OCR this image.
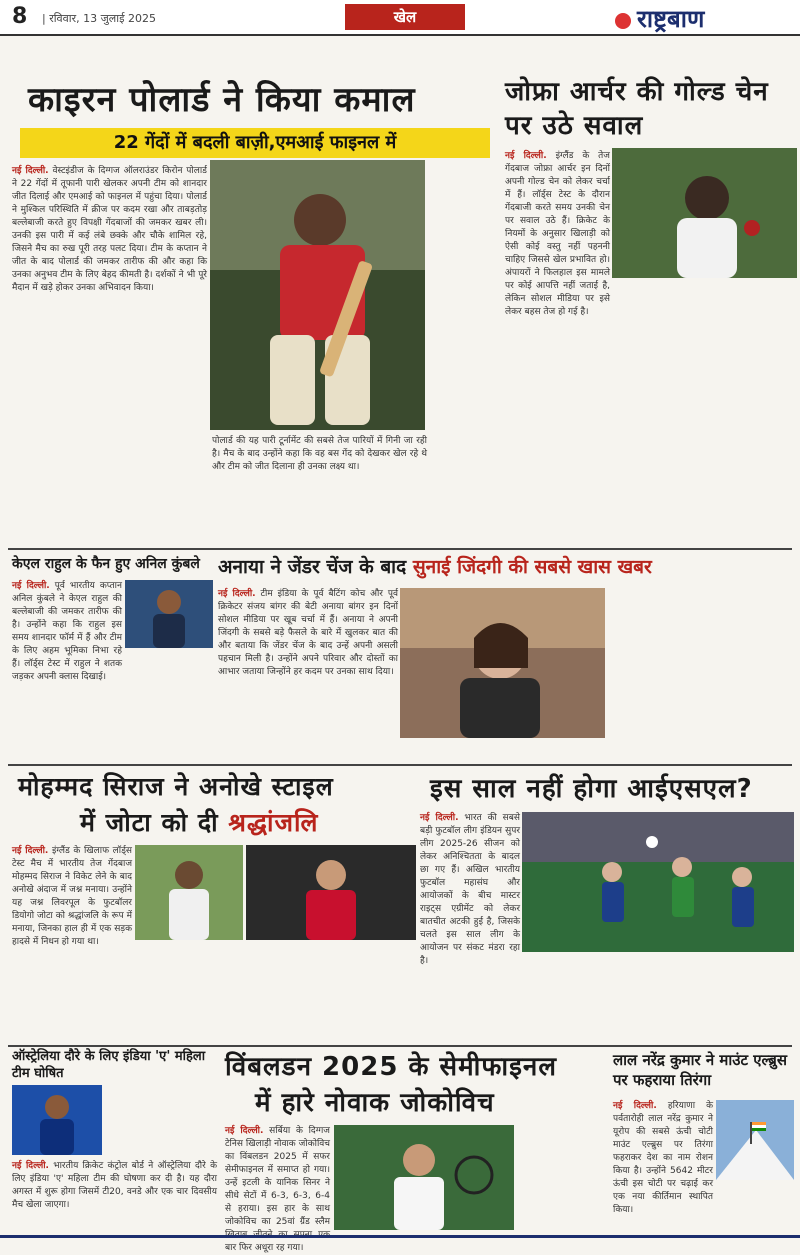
8 | रविवार, 13 जुलाई 2025	खेल	राष्ट्रबाण
काइरन पोलार्ड ने किया कमाल
22 गेंदों में बदली बाज़ी,एमआई फाइनल में
नई दिल्ली. वेस्टइंडीज के दिग्गज ऑलराउंडर किरोन पोलार्ड ने 22 गेंदों में तूफानी पारी खेलकर अपनी टीम को शानदार जीत दिलाई और एमआई को फाइनल में पहुंचा दिया। पोलार्ड ने मुश्किल परिस्थिति में क्रीज पर कदम रखा और ताबड़तोड़ बल्लेबाजी करते हुए विपक्षी गेंदबाजों की जमकर खबर ली। उनकी इस पारी में कई लंबे छक्के और चौके शामिल रहे, जिसने मैच का रुख पूरी तरह पलट दिया। टीम के कप्तान ने जीत के बाद पोलार्ड की जमकर तारीफ की और कहा कि उनका अनुभव टीम के लिए बेहद कीमती है। दर्शकों ने भी पूरे मैदान में खड़े होकर उनका अभिवादन किया।
पोलार्ड की यह पारी टूर्नामेंट की सबसे तेज पारियों में गिनी जा रही है। मैच के बाद उन्होंने कहा कि वह बस गेंद को देखकर खेल रहे थे और टीम को जीत दिलाना ही उनका लक्ष्य था।
जोफ्रा आर्चर की गोल्ड चेन पर उठे सवाल
नई दिल्ली. इंग्लैंड के तेज गेंदबाज जोफ्रा आर्चर इन दिनों अपनी गोल्ड चेन को लेकर चर्चा में हैं। लॉर्ड्स टेस्ट के दौरान गेंदबाजी करते समय उनकी चेन पर सवाल उठे हैं। क्रिकेट के नियमों के अनुसार खिलाड़ी को ऐसी कोई वस्तु नहीं पहननी चाहिए जिससे खेल प्रभावित हो। अंपायरों ने फिलहाल इस मामले पर कोई आपत्ति नहीं जताई है, लेकिन सोशल मीडिया पर इसे लेकर बहस तेज हो गई है।
केएल राहुल के फैन हुए अनिल कुंबले
नई दिल्ली. पूर्व भारतीय कप्तान अनिल कुंबले ने केएल राहुल की बल्लेबाजी की जमकर तारीफ की है। उन्होंने कहा कि राहुल इस समय शानदार फॉर्म में हैं और टीम के लिए अहम भूमिका निभा रहे हैं। लॉर्ड्स टेस्ट में राहुल ने शतक जड़कर अपनी क्लास दिखाई।
अनाया ने जेंडर चेंज के बाद सुनाई जिंदगी की सबसे खास खबर
नई दिल्ली. टीम इंडिया के पूर्व बैटिंग कोच और पूर्व क्रिकेटर संजय बांगर की बेटी अनाया बांगर इन दिनों सोशल मीडिया पर खूब चर्चा में हैं। अनाया ने अपनी जिंदगी के सबसे बड़े फैसले के बारे में खुलकर बात की और बताया कि जेंडर चेंज के बाद उन्हें अपनी असली पहचान मिली है। उन्होंने अपने परिवार और दोस्तों का आभार जताया जिन्होंने हर कदम पर उनका साथ दिया।
मोहम्मद सिराज ने अनोखे स्टाइल
में जोटा को दी श्रद्धांजलि
नई दिल्ली. इंग्लैंड के खिलाफ लॉर्ड्स टेस्ट मैच में भारतीय तेज गेंदबाज मोहम्मद सिराज ने विकेट लेने के बाद अनोखे अंदाज में जश्न मनाया। उन्होंने यह जश्न लिवरपूल के फुटबॉलर डियोगो जोटा को श्रद्धांजलि के रूप में मनाया, जिनका हाल ही में एक सड़क हादसे में निधन हो गया था।
इस साल नहीं होगा आईएसएल?
नई दिल्ली. भारत की सबसे बड़ी फुटबॉल लीग इंडियन सुपर लीग 2025-26 सीजन को लेकर अनिश्चितता के बादल छा गए हैं। अखिल भारतीय फुटबॉल महासंघ और आयोजकों के बीच मास्टर राइट्स एग्रीमेंट को लेकर बातचीत अटकी हुई है, जिसके चलते इस साल लीग के आयोजन पर संकट मंडरा रहा है।
ऑस्ट्रेलिया दौरे के लिए इंडिया 'ए' महिला टीम घोषित
नई दिल्ली. भारतीय क्रिकेट कंट्रोल बोर्ड ने ऑस्ट्रेलिया दौरे के लिए इंडिया 'ए' महिला टीम की घोषणा कर दी है। यह दौरा अगस्त में शुरू होगा जिसमें टी20, वनडे और एक चार दिवसीय मैच खेला जाएगा।
विंबलडन 2025 के सेमीफाइनल
में हारे नोवाक जोकोविच
नई दिल्ली. सर्बिया के दिग्गज टेनिस खिलाड़ी नोवाक जोकोविच का विंबलडन 2025 में सफर सेमीफाइनल में समाप्त हो गया। उन्हें इटली के यानिक सिनर ने सीधे सेटों में 6-3, 6-3, 6-4 से हराया। इस हार के साथ जोकोविच का 25वां ग्रैंड स्लैम बार फिर अधूरा रह गया।
लाल नरेंद्र कुमार ने माउंट एल्ब्रुस पर फहराया तिरंगा
नई दिल्ली. हरियाणा के पर्वतारोही लाल नरेंद्र कुमार ने यूरोप की सबसे ऊंची चोटी माउंट एल्ब्रुस पर तिरंगा फहराकर देश का नाम रोशन किया है। उन्होंने 5642 मीटर ऊंची इस चोटी पर चढ़ाई कर एक नया कीर्तिमान स्थापित किया।
